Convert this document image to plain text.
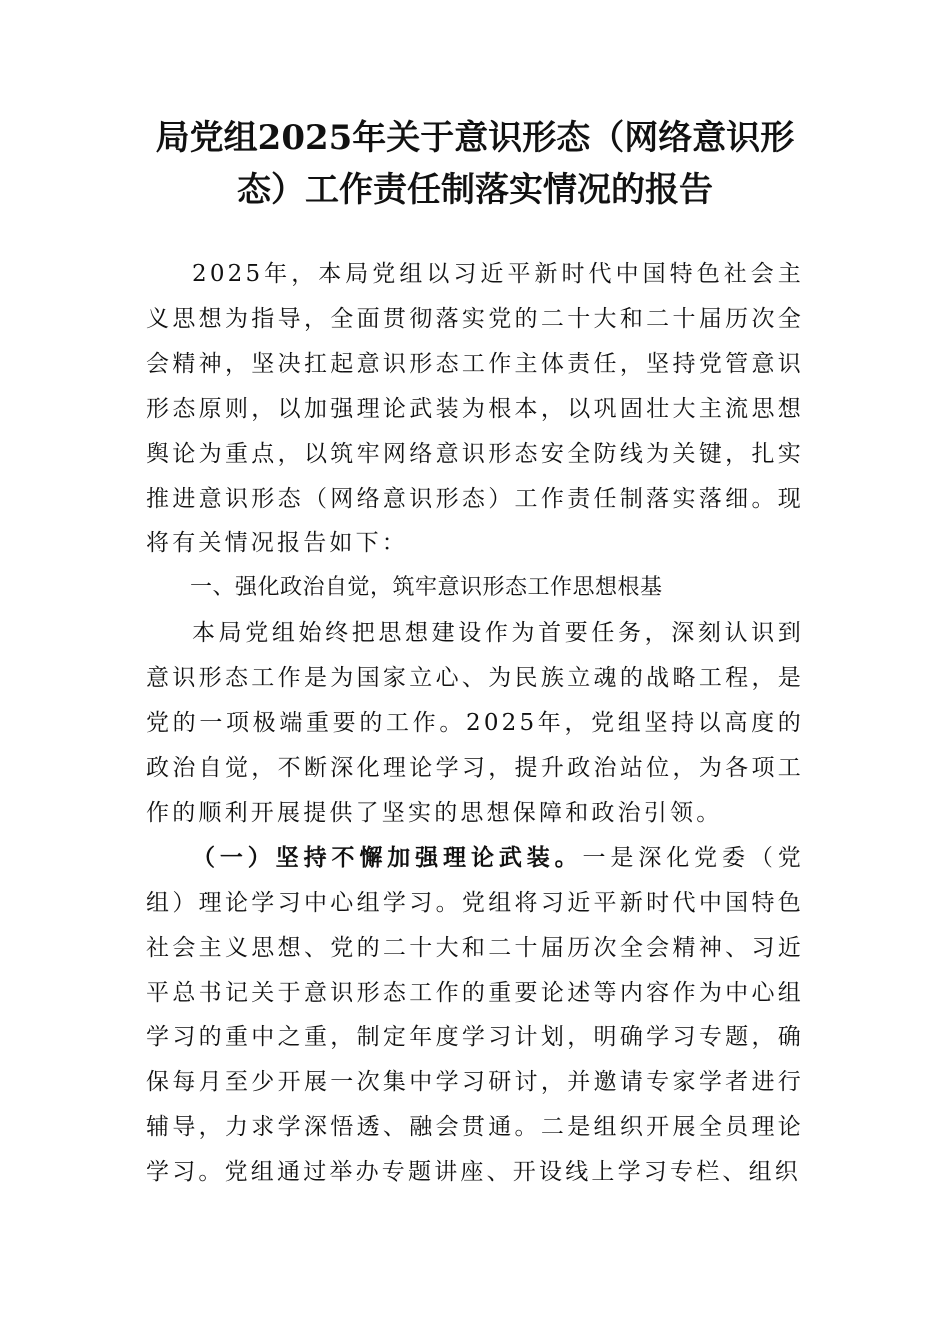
局党组2025年关于意识形态（网络意识形态）工作责任制落实情况的报告

2025年，本局党组以习近平新时代中国特色社会主义思想为指导，全面贯彻落实党的二十大和二十届历次全会精神，坚决扛起意识形态工作主体责任，坚持党管意识形态原则，以加强理论武装为根本，以巩固壮大主流思想舆论为重点，以筑牢网络意识形态安全防线为关键，扎实推进意识形态（网络意识形态）工作责任制落实落细。现将有关情况报告如下：

一、强化政治自觉，筑牢意识形态工作思想根基

本局党组始终把思想建设作为首要任务，深刻认识到意识形态工作是为国家立心、为民族立魂的战略工程，是党的一项极端重要的工作。2025年，党组坚持以高度的政治自觉，不断深化理论学习，提升政治站位，为各项工作的顺利开展提供了坚实的思想保障和政治引领。

（一）坚持不懈加强理论武装。一是深化党委（党组）理论学习中心组学习。党组将习近平新时代中国特色社会主义思想、党的二十大和二十届历次全会精神、习近平总书记关于意识形态工作的重要论述等内容作为中心组学习的重中之重，制定年度学习计划，明确学习专题，确保每月至少开展一次集中学习研讨，并邀请专家学者进行辅导，力求学深悟透、融会贯通。二是组织开展全员理论学习。党组通过举办专题讲座、开设线上学习专栏、组织
